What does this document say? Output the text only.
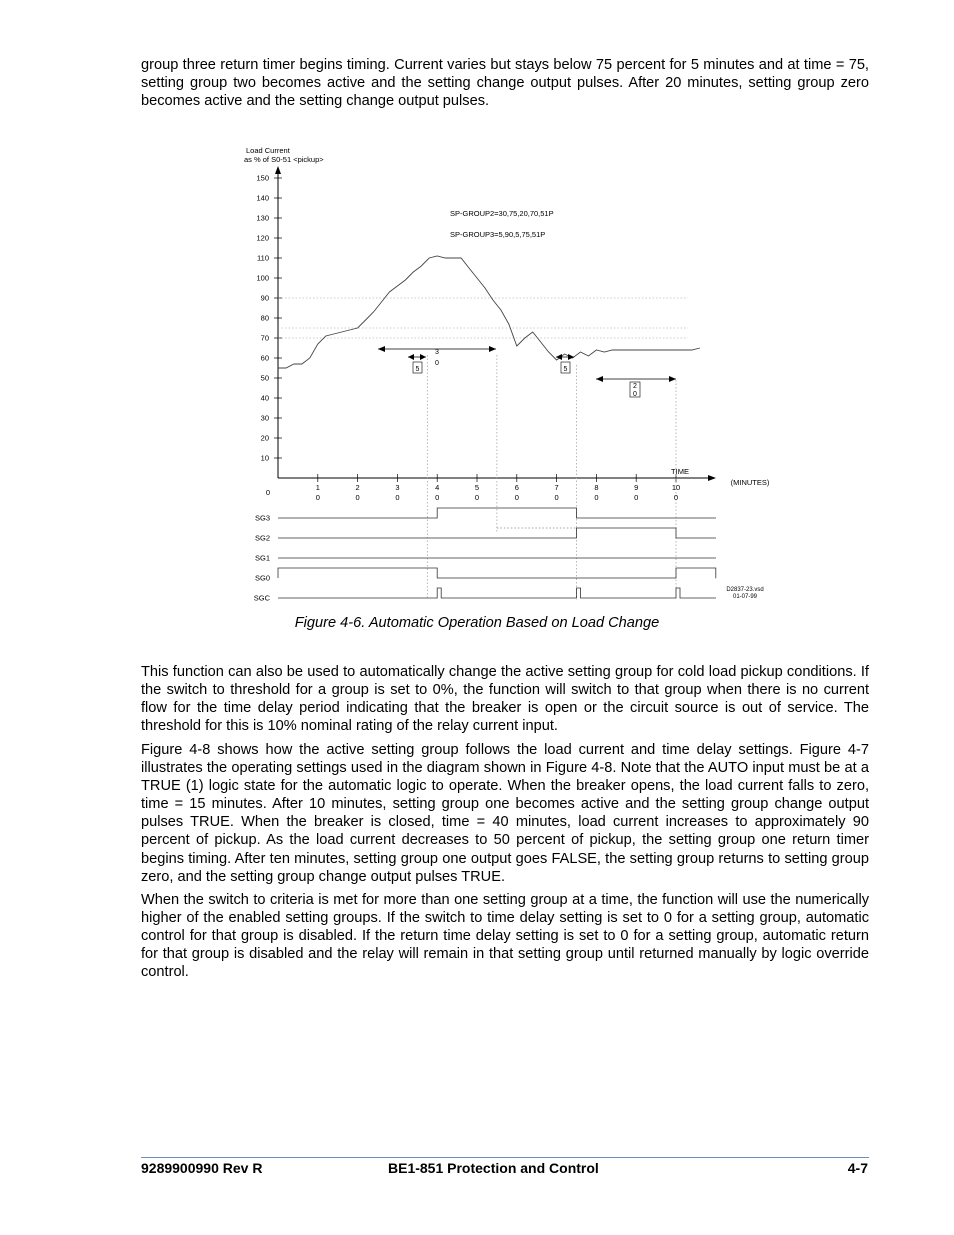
group three return timer begins timing. Current varies but stays below 75 percent for 5 minutes and at time = 75, setting group two becomes active and the setting change output pulses. After 20 minutes, setting group zero becomes active and the setting change output pulses.

Load Current
as % of S0-51 <pickup>
TIME
(MINUTES)
SP-GROUP2=30,75,20,70,51P
SP-GROUP3=5,90,5,75,51P
0
D2837-23.vsd
01-07-99
150
140
130
120
110
100
90
80
70
60
50
40
30
20
10
1
0
2
0
3
0
4
0
5
0
6
0
7
0
8
0
9
0
10
0
3
0
5	5
2
0
SG3
SG2
SG1
SG0
SGC
Figure 4-6. Automatic Operation Based on Load Change

This function can also be used to automatically change the active setting group for cold load pickup conditions. If the switch to threshold for a group is set to 0%, the function will switch to that group when there is no current flow for the time delay period indicating that the breaker is open or the circuit source is out of service. The threshold for this is 10% nominal rating of the relay current input.

Figure 4-8 shows how the active setting group follows the load current and time delay settings. Figure 4-7 illustrates the operating settings used in the diagram shown in Figure 4-8. Note that the AUTO input must be at a TRUE (1) logic state for the automatic logic to operate. When the breaker opens, the load current falls to zero, time = 15 minutes. After 10 minutes, setting group one becomes active and the setting group change output pulses TRUE. When the breaker is closed, time = 40 minutes, load current increases to approximately 90 percent of pickup. As the load current decreases to 50 percent of pickup, the setting group one return timer begins timing. After ten minutes, setting group one output goes FALSE, the setting group returns to setting group zero, and the setting group change output pulses TRUE.

When the switch to criteria is met for more than one setting group at a time, the function will use the numerically higher of the enabled setting groups. If the switch to time delay setting is set to 0 for a setting group, automatic control for that group is disabled. If the return time delay setting is set to 0 for a setting group, automatic return for that group is disabled and the relay will remain in that setting group until returned manually by logic override control.

9289900990 Rev R	BE1-851 Protection and Control	4-7
